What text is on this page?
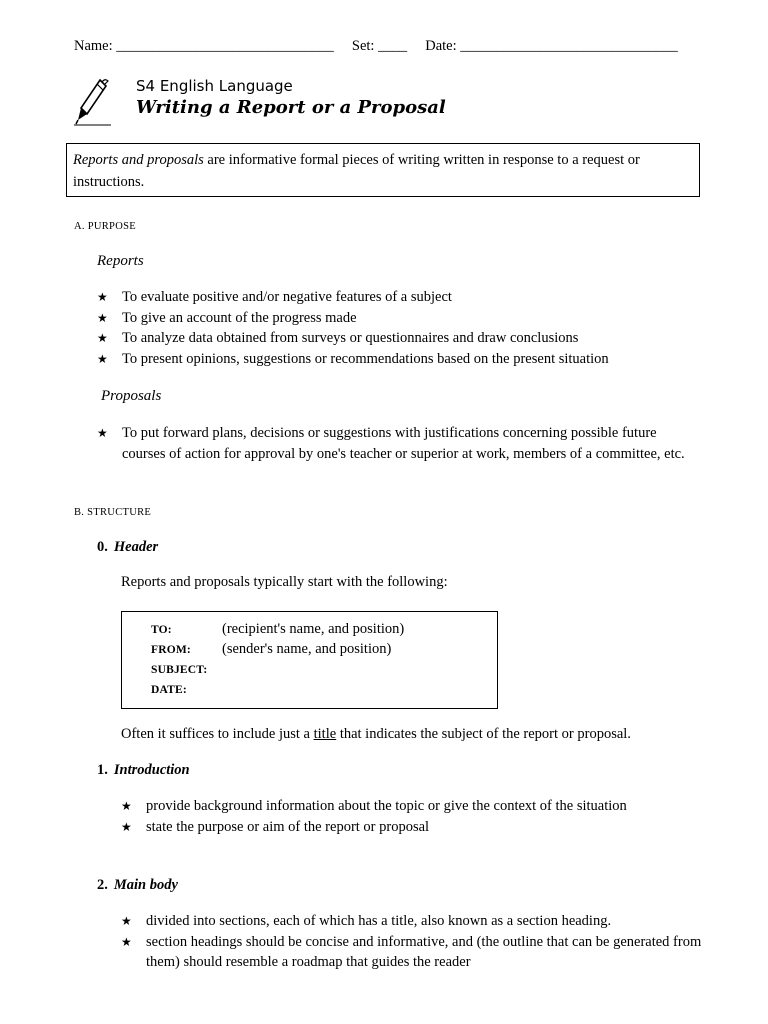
Name: ______________________________ Set: ____ Date: ______________________________
S4 English Language
Writing a Report or a Proposal
Reports and proposals are informative formal pieces of writing written in response to a request or instructions.
A. PURPOSE
Reports
★ To evaluate positive and/or negative features of a subject
★ To give an account of the progress made
★ To analyze data obtained from surveys or questionnaires and draw conclusions
★ To present opinions, suggestions or recommendations based on the present situation
Proposals
★ To put forward plans, decisions or suggestions with justifications concerning possible future courses of action for approval by one's teacher or superior at work, members of a committee, etc.
B. STRUCTURE
0. Header
Reports and proposals typically start with the following:
TO:	(recipient's name, and position)
FROM: (sender's name, and position)
SUBJECT:
DATE:
Often it suffices to include just a title that indicates the subject of the report or proposal.
1. Introduction
★ provide background information about the topic or give the context of the situation
★ state the purpose or aim of the report or proposal
2. Main body
★ divided into sections, each of which has a title, also known as a section heading.
★ section headings should be concise and informative, and (the outline that can be generated from them) should resemble a roadmap that guides the reader
